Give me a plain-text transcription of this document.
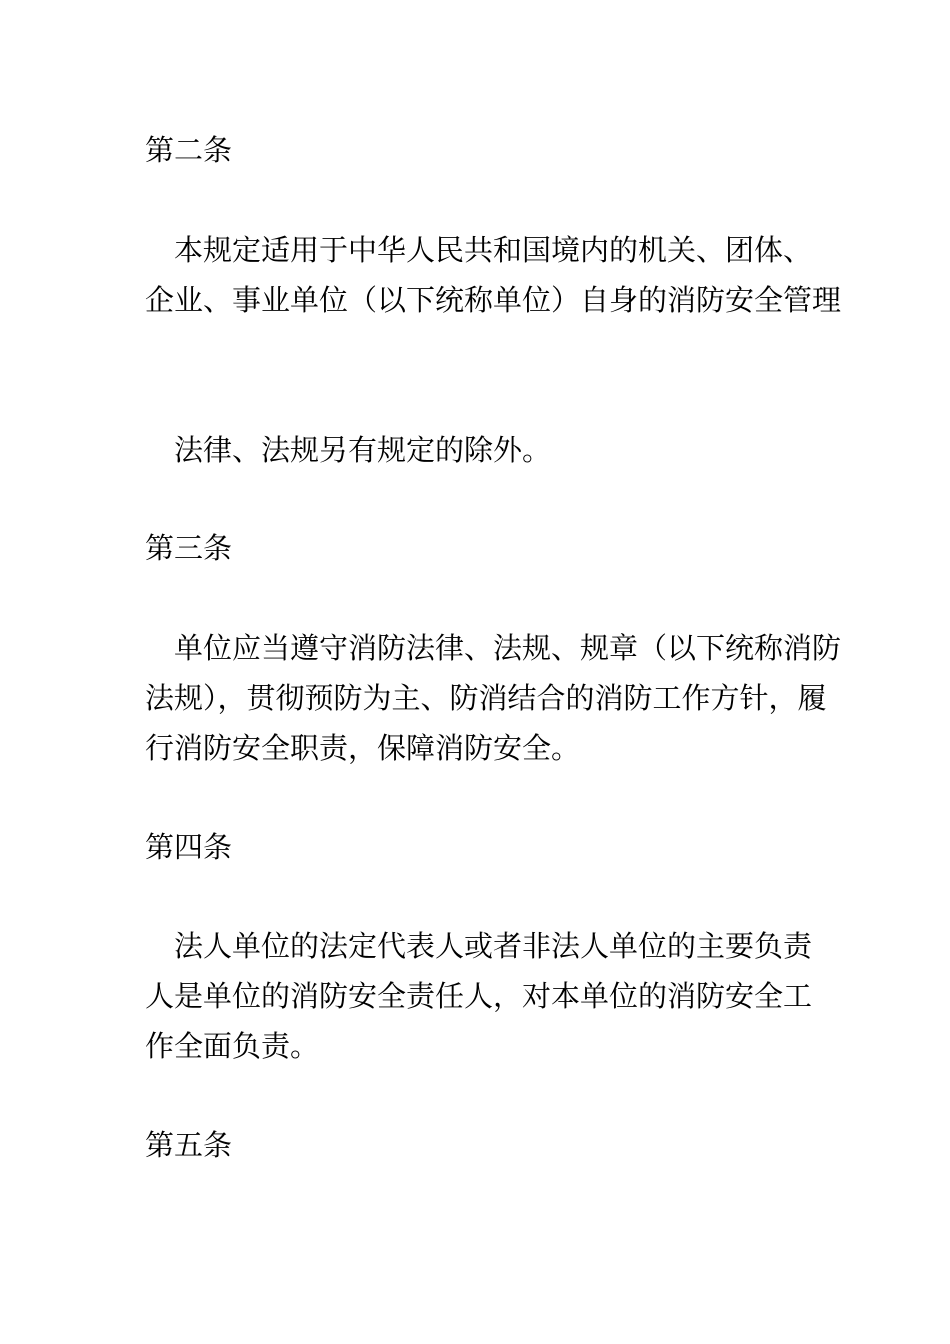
第二条
本规定适用于中华人民共和国境内的机关、团体、
企业、事业单位（以下统称单位）自身的消防安全管理
法律、法规另有规定的除外。
第三条
单位应当遵守消防法律、法规、规章（以下统称消防
法规），贯彻预防为主、防消结合的消防工作方针，履
行消防安全职责，保障消防安全。
第四条
法人单位的法定代表人或者非法人单位的主要负责
人是单位的消防安全责任人，对本单位的消防安全工
作全面负责。
第五条
